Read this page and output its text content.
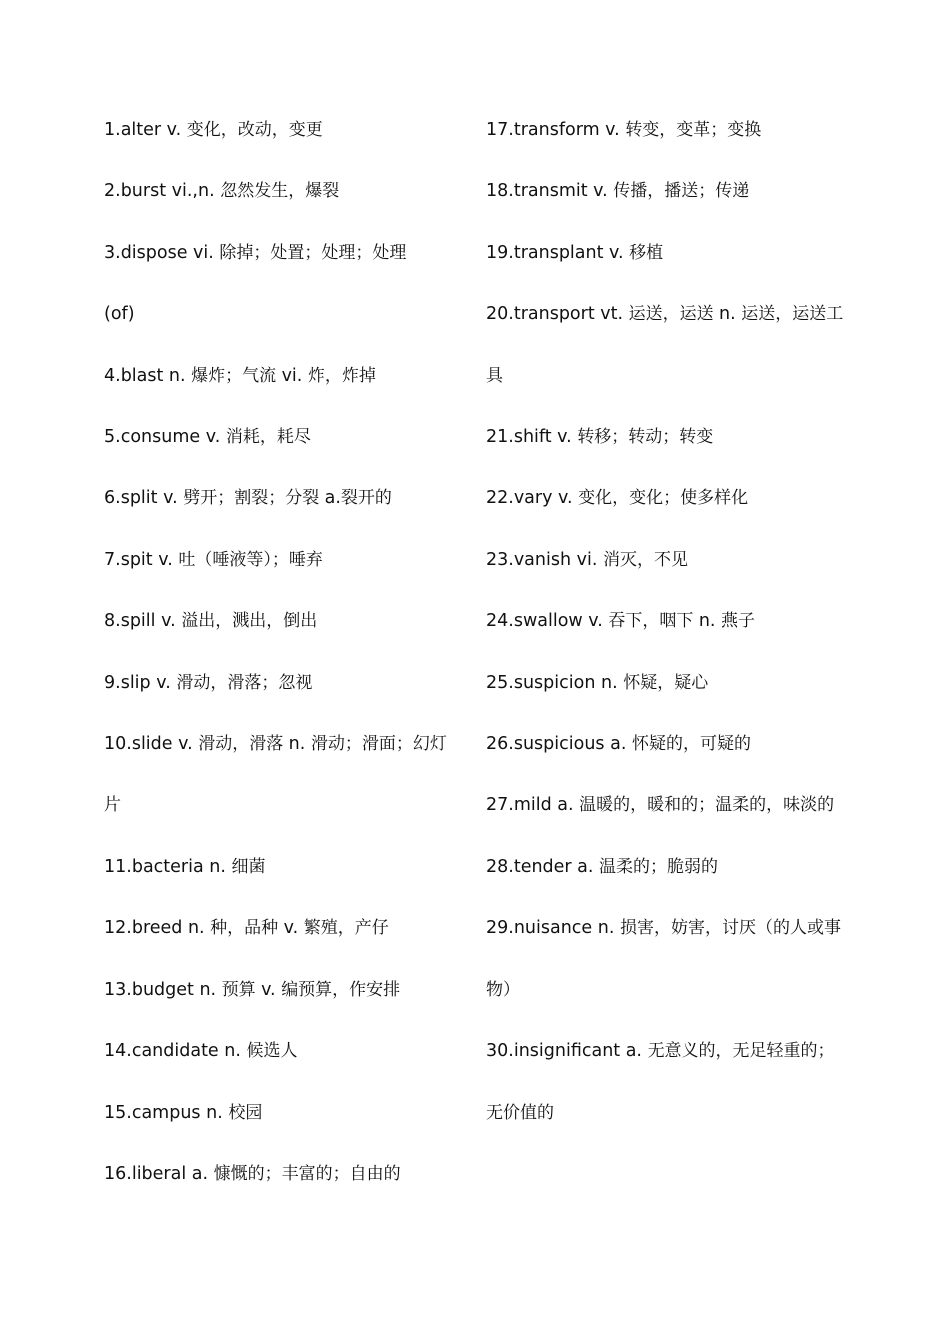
1.alter v. 变化，改动，变更
2.burst vi.,n. 忽然发生，爆裂
3.dispose vi. 除掉；处置；处理；处理
(of)
4.blast n. 爆炸；气流 vi. 炸，炸掉
5.consume v. 消耗，耗尽
6.split v. 劈开；割裂；分裂 a.裂开的
7.spit v. 吐（唾液等）；唾弃
8.spill v. 溢出，溅出，倒出
9.slip v. 滑动，滑落；忽视
10.slide v. 滑动，滑落 n. 滑动；滑面；幻灯片
11.bacteria n. 细菌
12.breed n. 种，品种 v. 繁殖，产仔
13.budget n. 预算 v. 编预算，作安排
14.candidate n. 候选人
15.campus n. 校园
16.liberal a. 慷慨的；丰富的；自由的
17.transform v. 转变，变革；变换
18.transmit v. 传播，播送；传递
19.transplant v. 移植
20.transport vt. 运送，运送 n. 运送，运送工具
21.shift v. 转移；转动；转变
22.vary v. 变化，变化；使多样化
23.vanish vi. 消灭，不见
24.swallow v. 吞下，咽下 n. 燕子
25.suspicion n. 怀疑，疑心
26.suspicious a. 怀疑的，可疑的
27.mild a. 温暖的，暖和的；温柔的，味淡的
28.tender a. 温柔的；脆弱的
29.nuisance n. 损害，妨害，讨厌（的人或事物）
30.insignificant a. 无意义的，无足轻重的；无价值的
